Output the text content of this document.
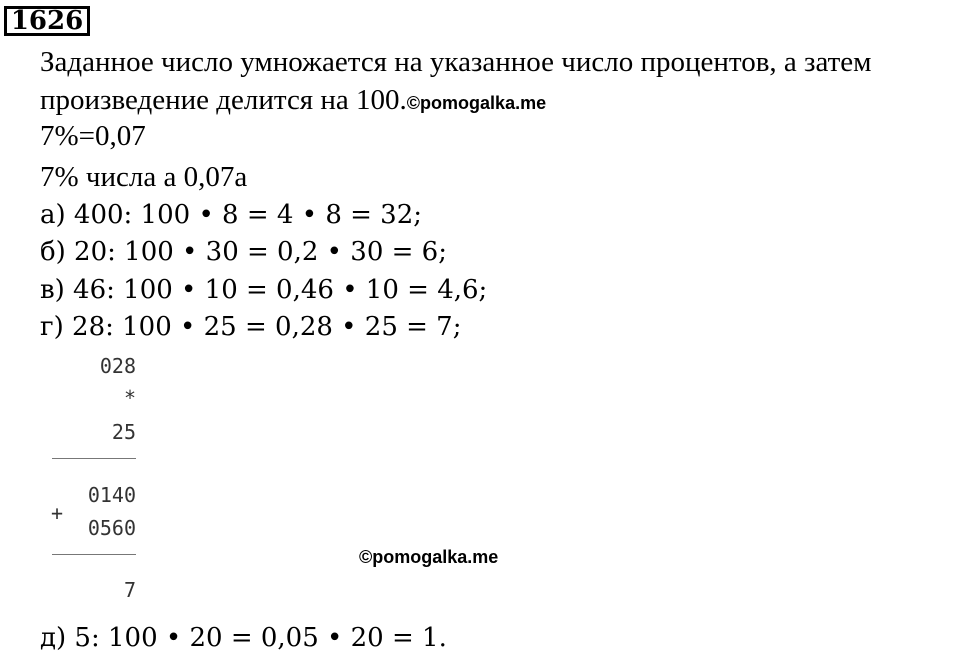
1626
Заданное число умножается на указанное число процентов, а затем
произведение делится на 100.©pomogalka.me
7%=0,07
7% числа a 0,07a
а) 400: 100 • 8 = 4 • 8 = 32;
б) 20: 100 • 30 = 0,2 • 30 = 6;
в) 46: 100 • 10 = 0,46 • 10 = 4,6;
г) 28: 100 • 25 = 0,28 • 25 = 7;
028
*
25
0140
+
0560
7
©pomogalka.me
д) 5: 100 • 20 = 0,05 • 20 = 1.
